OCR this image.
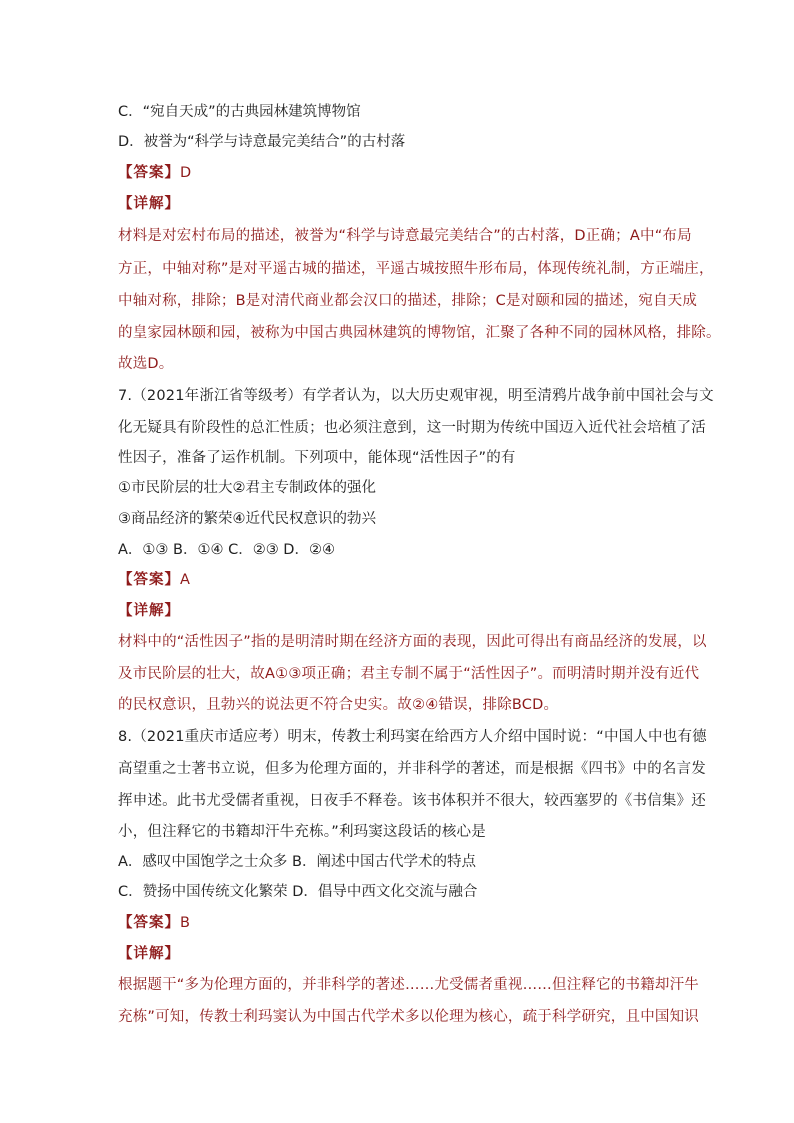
C．“宛自天成”的古典园林建筑博物馆
D．被誉为“科学与诗意最完美结合”的古村落
【答案】D
【详解】
材料是对宏村布局的描述，被誉为“科学与诗意最完美结合”的古村落，D正确；A中“布局
方正，中轴对称”是对平遥古城的描述，平遥古城按照牛形布局，体现传统礼制，方正端庄，
中轴对称，排除；B是对清代商业都会汉口的描述，排除；C是对颐和园的描述，宛自天成
的皇家园林颐和园，被称为中国古典园林建筑的博物馆，汇聚了各种不同的园林风格，排除。
故选D。
7.（2021年浙江省等级考）有学者认为，以大历史观审视，明至清鸦片战争前中国社会与文
化无疑具有阶段性的总汇性质；也必须注意到，这一时期为传统中国迈入近代社会培植了活
性因子，准备了运作机制。下列项中，能体现“活性因子”的有
①市民阶层的壮大②君主专制政体的强化
③商品经济的繁荣④近代民权意识的勃兴
A．①③ B．①④ C．②③ D．②④
【答案】A
【详解】
材料中的“活性因子”指的是明清时期在经济方面的表现，因此可得出有商品经济的发展，以
及市民阶层的壮大，故A①③项正确；君主专制不属于“活性因子”。而明清时期并没有近代
的民权意识，且勃兴的说法更不符合史实。故②④错误，排除BCD。
8.（2021重庆市适应考）明末，传教士利玛窦在给西方人介绍中国时说：“中国人中也有德
高望重之士著书立说，但多为伦理方面的，并非科学的著述，而是根据《四书》中的名言发
挥申述。此书尤受儒者重视，日夜手不释卷。该书体积并不很大，较西塞罗的《书信集》还
小，但注释它的书籍却汗牛充栋。”利玛窦这段话的核心是
A．感叹中国饱学之士众多 B．阐述中国古代学术的特点
C．赞扬中国传统文化繁荣 D．倡导中西文化交流与融合
【答案】B
【详解】
根据题干“多为伦理方面的，并非科学的著述……尤受儒者重视……但注释它的书籍却汗牛
充栋”可知，传教士利玛窦认为中国古代学术多以伦理为核心，疏于科学研究，且中国知识
